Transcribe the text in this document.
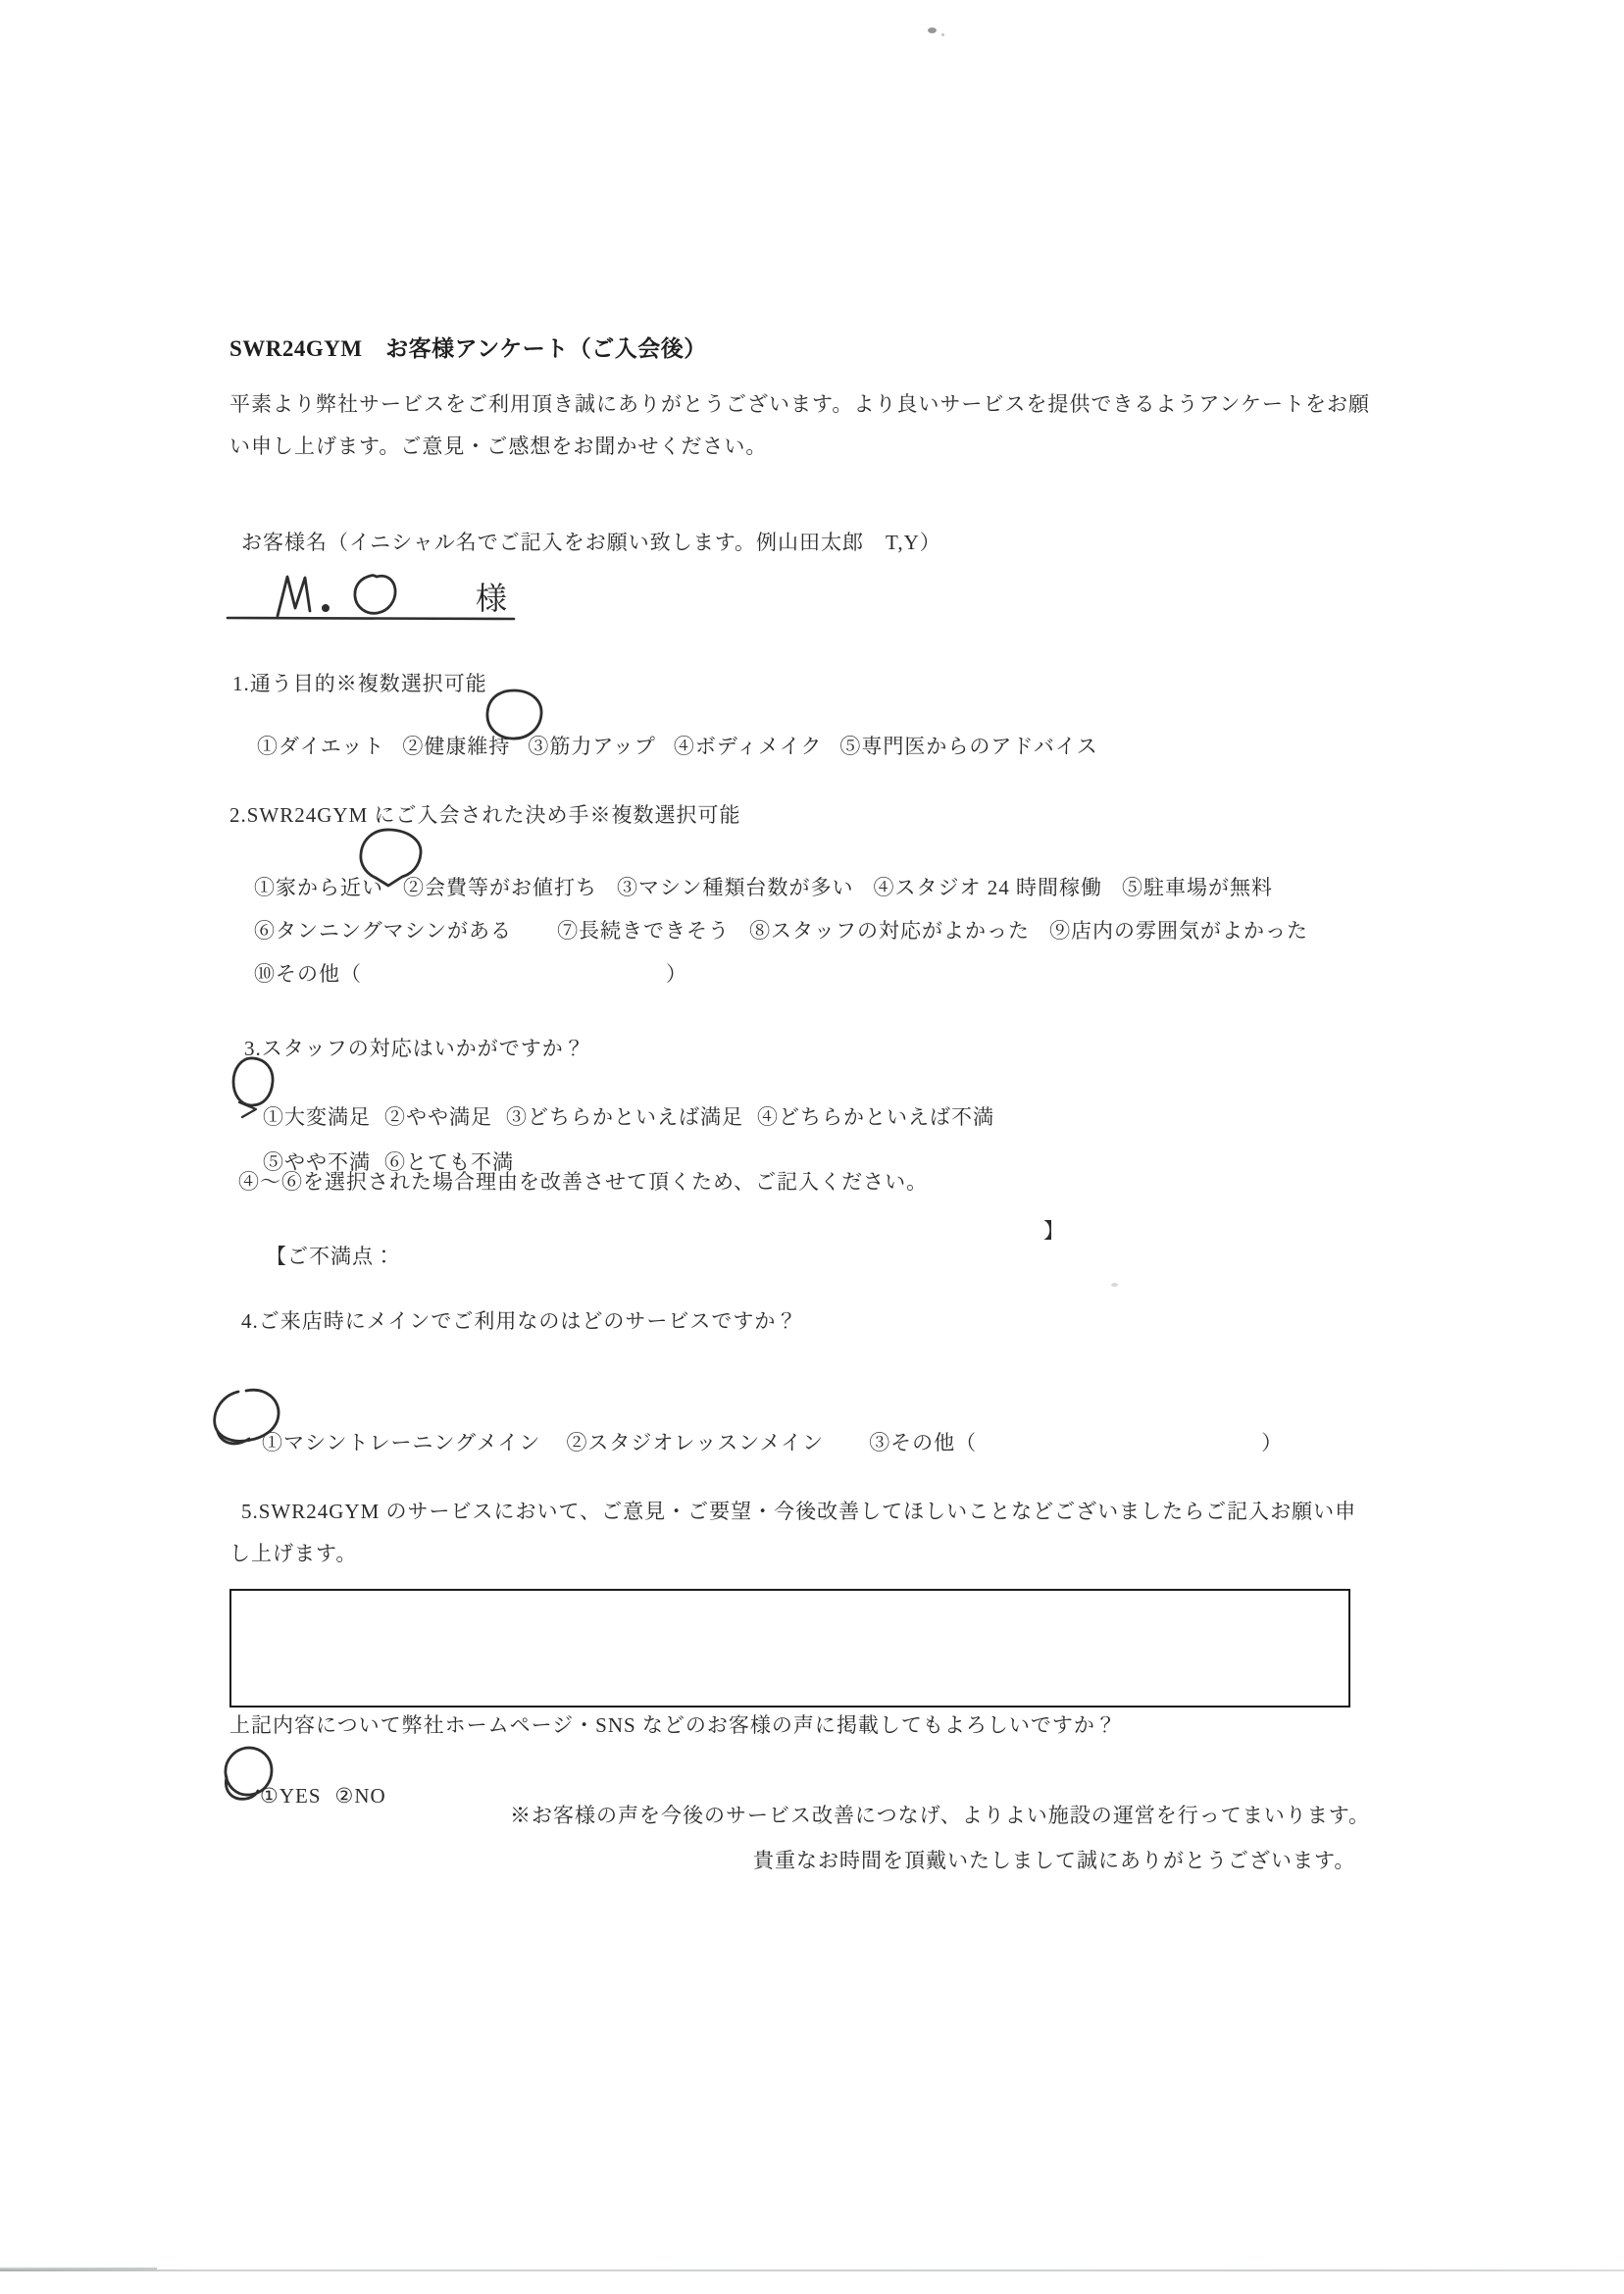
SWR24GYM　お客様アンケート（ご入会後）
平素より弊社サービスをご利用頂き誠にありがとうございます。より良いサービスを提供できるようアンケートをお願
い申し上げます。ご意見・ご感想をお聞かせください。
お客様名（イニシャル名でご記入をお願い致します。例山田太郎　T,Y）
様
1.通う目的※複数選択可能

①ダイエット ②健康維持 ③筋力アップ ④ボディメイク ⑤専門医からのアドバイス

2.SWR24GYM にご入会された決め手※複数選択可能

①家から近い ②会費等がお値打ち ③マシン種類台数が多い ④スタジオ 24 時間稼働 ⑤駐車場が無料

⑥タンニングマシンがある ⑦長続きできそう ⑧スタッフの対応がよかった ⑨店内の雰囲気がよかった

⑩その他（	）

3.スタッフの対応はいかがですか？

①大変満足 ②やや満足 ③どちらかといえば満足 ④どちらかといえば不満

⑤やや不満 ⑥とても不満

④～⑥を選択された場合理由を改善させて頂くため、ご記入ください。

【ご不満点：
】

4.ご来店時にメインでご利用なのはどのサービスですか？

①マシントレーニングメイン ②スタジオレッスンメイン ③その他（	）

5.SWR24GYM のサービスにおいて、ご意見・ご要望・今後改善してほしいことなどございましたらご記入お願い申
し上げます。
上記内容について弊社ホームページ・SNS などのお客様の声に掲載してもよろしいですか？

①YES ②NO

※お客様の声を今後のサービス改善につなげ、よりよい施設の運営を行ってまいります。
貴重なお時間を頂戴いたしまして誠にありがとうございます。
